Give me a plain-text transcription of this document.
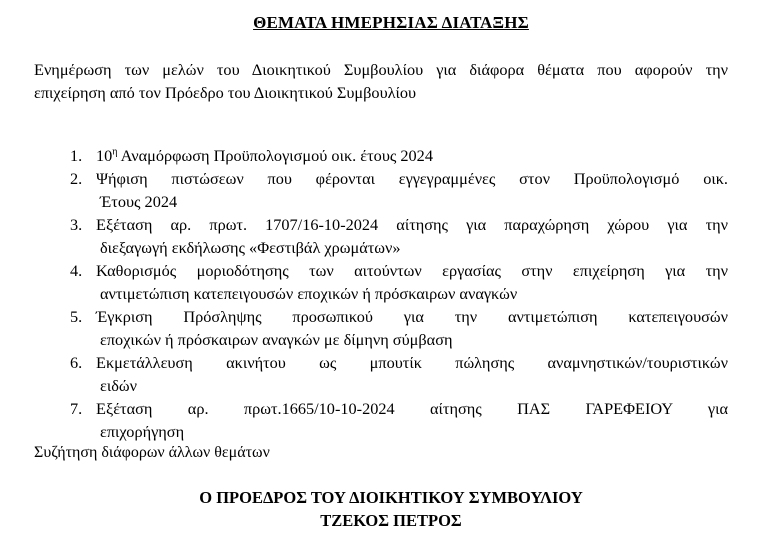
ΘΕΜΑΤΑ ΗΜΕΡΗΣΙΑΣ ΔΙΑΤΑΞΗΣ
Ενημέρωση των μελών του Διοικητικού Συμβουλίου για διάφορα θέματα που αφορούν την
επιχείρηση από τον Πρόεδρο του Διοικητικού Συμβουλίου
1. $10^\eta$ Αναμόρφωση Προϋπολογισμού οικ. έτους 2024
2. Ψήφιση πιστώσεων που φέρονται εγγεγραμμένες στον Προϋπολογισμό οικ.
Έτους 2024
3. Εξέταση αρ. πρωτ. 1707/16-10-2024 αίτησης για παραχώρηση χώρου για την
διεξαγωγή εκδήλωσης «Φεστιβάλ χρωμάτων»
4. Καθορισμός μοριοδότησης των αιτούντων εργασίας στην επιχείρηση για την
αντιμετώπιση κατεπειγουσών εποχικών ή πρόσκαιρων αναγκών
5. Έγκριση Πρόσληψης προσωπικού για την αντιμετώπιση κατεπειγουσών
εποχικών ή πρόσκαιρων αναγκών με δίμηνη σύμβαση
6. Εκμετάλλευση ακινήτου ως μπουτίκ πώλησης αναμνηστικών/τουριστικών
ειδών
7. Εξέταση αρ. πρωτ.1665/10-10-2024 αίτησης ΠΑΣ ΓΑΡΕΦΕΙΟΥ για
επιχορήγηση
Συζήτηση διάφορων άλλων θεμάτων
Ο ΠΡΟΕΔΡΟΣ ΤΟΥ ΔΙΟΙΚΗΤΙΚΟΥ ΣΥΜΒΟΥΛΙΟΥ
ΤΖΕΚΟΣ ΠΕΤΡΟΣ
